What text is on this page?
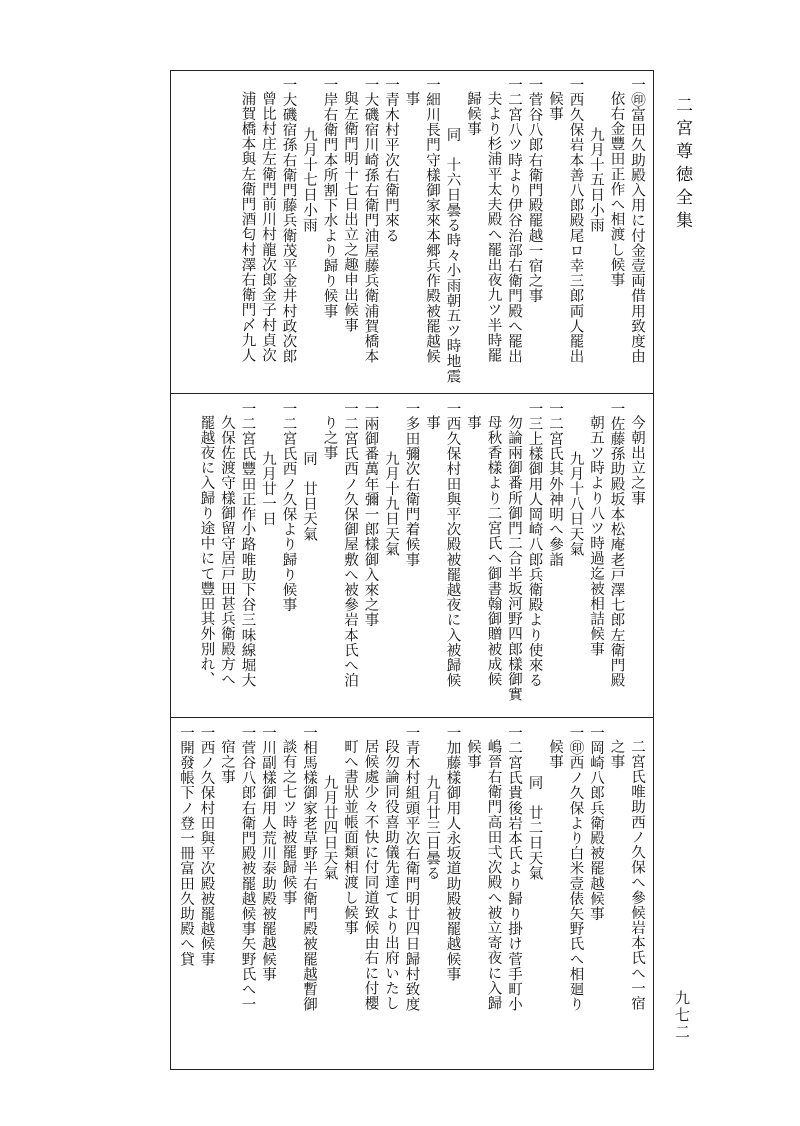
二宮尊徳全集
一㊞富田久助殿入用に付金壹両借用致度由
依右金豐田正作へ相渡し候事
九月十五日小雨
一西久保岩本善八郎殿尾ロ幸三郎両人罷出
候事
一菅谷八郎右衛門殿罷越一宿之事
一二宮八ツ時より伊谷治部右衛門殿へ罷出
夫より杉浦平太夫殿へ罷出夜九ツ半時罷
歸候事
同　十六日曇る時々小雨朝五ツ時地震
一細川長門守樣御家來本郷兵作殿被罷越候
事
一青木村平次右衛門來る
一大磯宿川崎孫右衛門油屋藤兵衛浦賀橋本
與左衛門明十七日出立之趣申出候事
一岸右衛門本所割下水より歸り候事
九月十七日小雨
一大磯宿孫右衛門藤兵衛茂平金井村政次郎
曾比村庄左衛門前川村龍次郎金子村貞次
浦賀橋本與左衛門酒匂村澤右衛門〆九人
今朝出立之事
一佐藤孫助殿坂本松庵老戸澤七郎左衛門殿
朝五ツ時より八ツ時過迄被相詰候事
九月十八日天氣
一二宮氏其外神明へ參詣
一三上樣御用人岡崎八郎兵衛殿より使來る
勿論兩御番所御門二合半坂河野四郎樣御實
母秋香樣より二宮氏へ御書翰御贈被成候
事
一西久保村田與平次殿被罷越夜に入被歸候
事
一多田彌次右衛門着候事
九月十九日天氣
一兩御番萬年彌一郎樣御入來之事
一二宮氏西ノ久保御屋敷へ被參岩本氏へ泊
り之事
同　廿日天氣
一二宮氏西ノ久保より歸り候事
九月廿一日
一二宮氏豐田正作小路唯助下谷三味線堀大
久保佐渡守樣御留守居戸田甚兵衛殿方へ
罷越夜に入歸り途中にて豐田其外別れ、
二宮氏唯助西ノ久保へ參候岩本氏へ一宿
之事
一岡崎八郎兵衛殿被罷越候事
一㊞西ノ久保より白米壹俵矢野氏へ相廻り
候事
同　廿二日天氣
一二宮氏貴後岩本氏より歸り掛け菅手町小
嶋晉右衛門高田弌次殿へ被立寄夜に入歸
候事
一加藤樣御用人永坂道助殿被罷越候事
九月廿三日曇る
一青木村組頭平次右衛門明廿四日歸村致度
段勿論同役喜助儀先達てより出府いたし
居候處少々不快に付同道致候由右に付櫻
町へ書狀並帳面類相渡し候事
九月廿四日天氣
一相馬樣御家老草野半右衛門殿被罷越暫御
談有之七ツ時被罷歸候事
一川副樣御用人荒川泰助殿被罷越候事
一菅谷八郎右衛門殿被罷越候事矢野氏へ一
宿之事
一西ノ久保村田與平次殿被罷越候事
一開發帳下ノ登一冊富田久助殿へ貸
九七二
